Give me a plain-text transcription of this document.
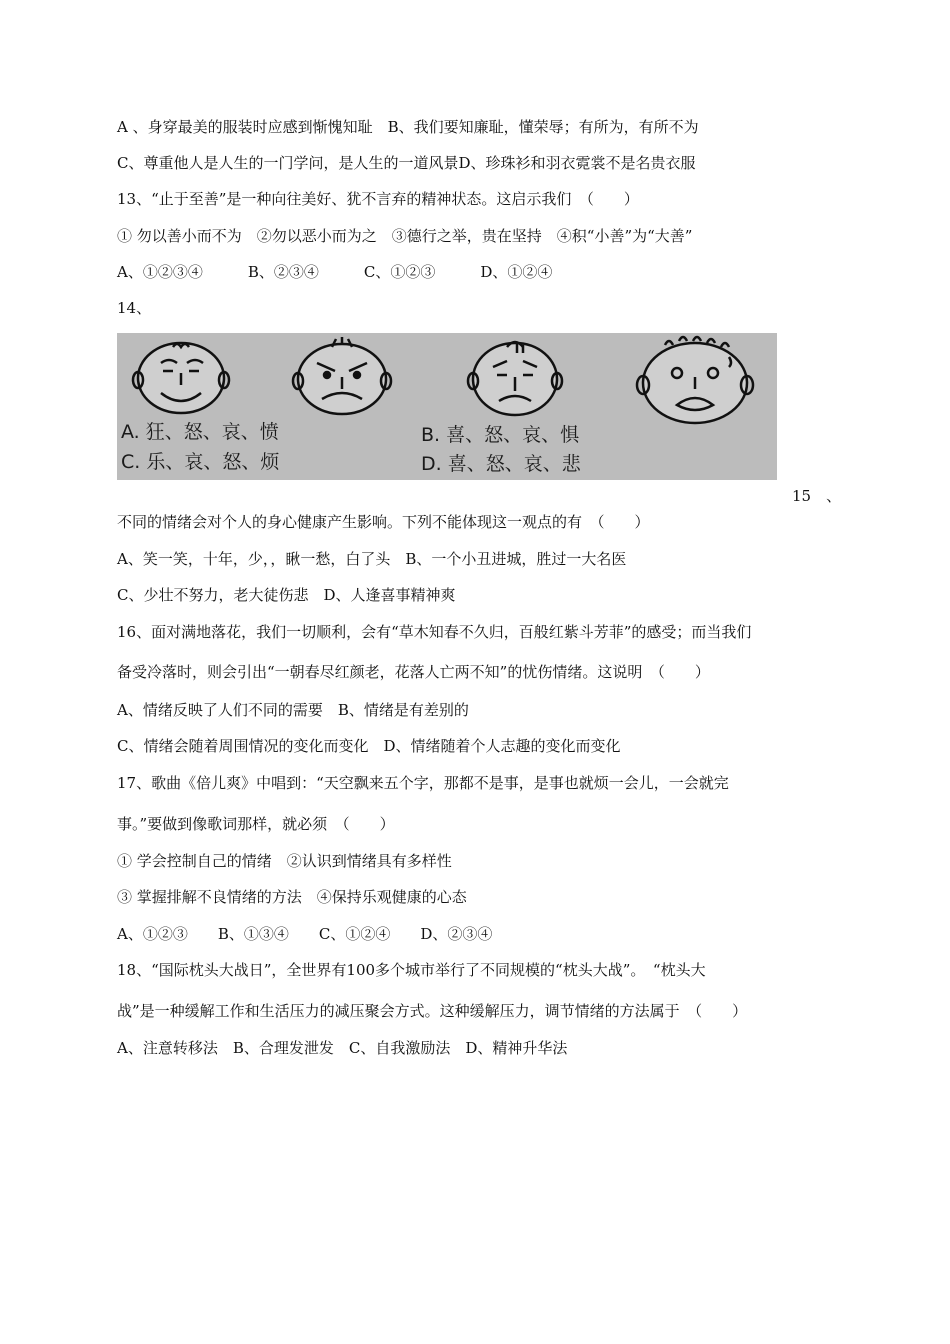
A 、身穿最美的服装时应感到惭愧知耻　B、我们要知廉耻，懂荣辱；有所为，有所不为

C、尊重他人是人生的一门学问，是人生的一道风景D、珍珠衫和羽衣霓裳不是名贵衣服

13、“止于至善”是一种向往美好、犹不言弃的精神状态。这启示我们　（　　）

① 勿以善小而不为　②勿以恶小而为之　③德行之举，贵在坚持　④积“小善”为“大善”

A、①②③④　　　B、②③④　　　C、①②③　　　D、①②④

14、

A. 狂、怒、哀、愤
C. 乐、哀、怒、烦
B. 喜、怒、哀、惧
D. 喜、怒、哀、悲

15　、

不同的情绪会对个人的身心健康产生影响。下列不能体现这一观点的有　（　　）

A、笑一笑，十年，少，，瞅一愁，白了头　B、一个小丑进城，胜过一大名医

C、少壮不努力，老大徒伤悲　D、人逢喜事精神爽

16、面对满地落花，我们一切顺利，会有“草木知春不久归，百般红紫斗芳菲”的感受；而当我们

备受冷落时，则会引出“一朝春尽红颜老，花落人亡两不知”的忧伤情绪。这说明　（　　）

A、情绪反映了人们不同的需要　B、情绪是有差别的

C、情绪会随着周围情况的变化而变化　D、情绪随着个人志趣的变化而变化

17、歌曲《倍儿爽》中唱到：“天空飘来五个字，那都不是事，是事也就烦一会儿，一会就完

事。”要做到像歌词那样，就必须　（　　）

① 学会控制自己的情绪　②认识到情绪具有多样性

③ 掌握排解不良情绪的方法　④保持乐观健康的心态

A、①②③　　B、①③④　　C、①②④　　D、②③④

18、“国际枕头大战日”，全世界有100多个城市举行了不同规模的“枕头大战”。　“枕头大

战”是一种缓解工作和生活压力的减压聚会方式。这种缓解压力，调节情绪的方法属于　（　　）

A、注意转移法　B、合理发泄发　C、自我激励法　D、精神升华法
